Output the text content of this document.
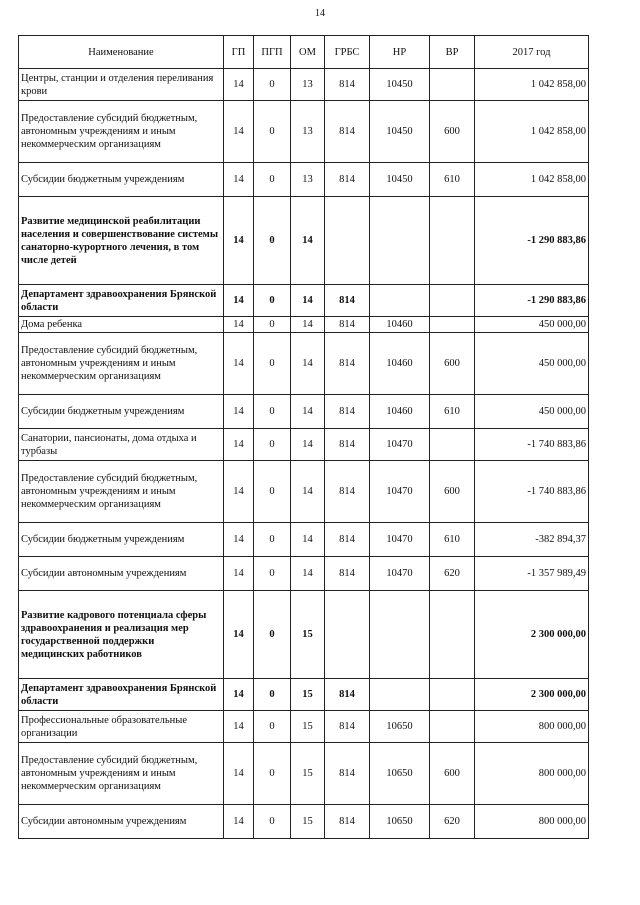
14
Наименование	ГП	ПГП	ОМ	ГРБС	НР	ВР	2017 год
Центры, станции и отделения переливания крови	14	0	13	814	10450		1 042 858,00
Предоставление субсидий бюджетным, автономным учреждениям и иным некоммерческим организациям	14	0	13	814	10450	600	1 042 858,00
Субсидии бюджетным учреждениям	14	0	13	814	10450	610	1 042 858,00
Развитие медицинской реабилитации населения и совершенствование системы санаторно-курортного лечения, в том числе детей	14	0	14				-1 290 883,86
Департамент здравоохранения Брянской области	14	0	14	814			-1 290 883,86
Дома ребенка	14	0	14	814	10460		450 000,00
Предоставление субсидий бюджетным, автономным учреждениям и иным некоммерческим организациям	14	0	14	814	10460	600	450 000,00
Субсидии бюджетным учреждениям	14	0	14	814	10460	610	450 000,00
Санатории, пансионаты, дома отдыха и турбазы	14	0	14	814	10470		-1 740 883,86
Предоставление субсидий бюджетным, автономным учреждениям и иным некоммерческим организациям	14	0	14	814	10470	600	-1 740 883,86
Субсидии бюджетным учреждениям	14	0	14	814	10470	610	-382 894,37
Субсидии автономным учреждениям	14	0	14	814	10470	620	-1 357 989,49
Развитие кадрового потенциала сферы здравоохранения и реализация мер государственной поддержки медицинских работников	14	0	15				2 300 000,00
Департамент здравоохранения Брянской области	14	0	15	814			2 300 000,00
Профессиональные образовательные организации	14	0	15	814	10650		800 000,00
Предоставление субсидий бюджетным, автономным учреждениям и иным некоммерческим организациям	14	0	15	814	10650	600	800 000,00
Субсидии автономным учреждениям	14	0	15	814	10650	620	800 000,00
